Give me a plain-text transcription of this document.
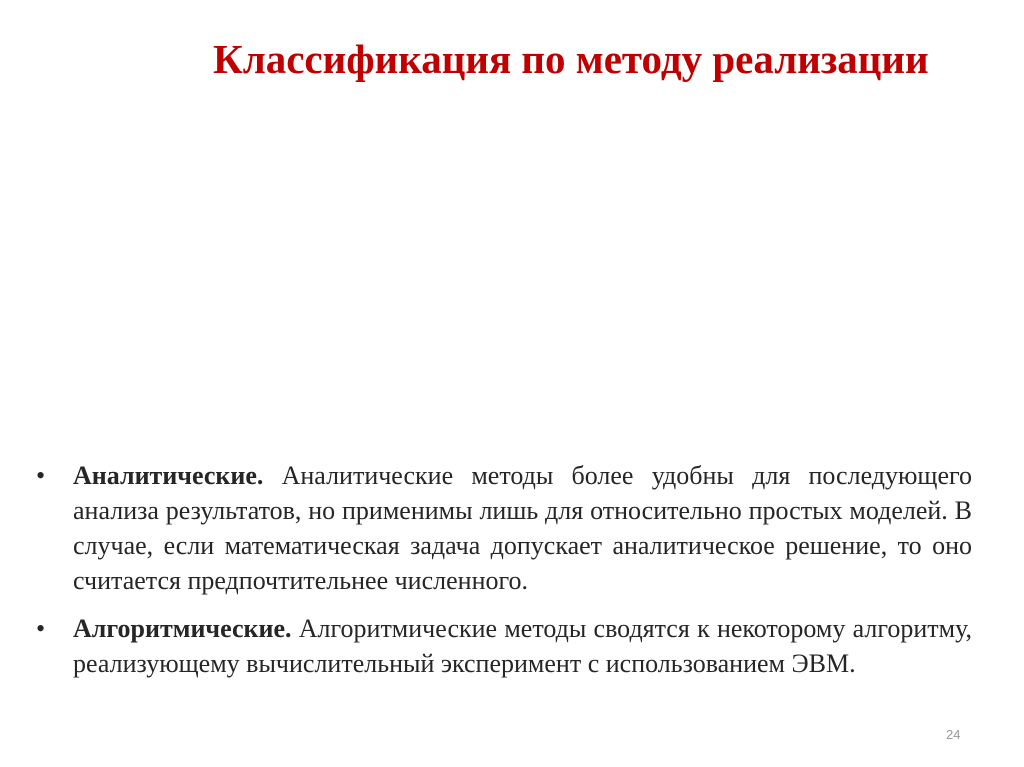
Классификация по методу реализации
•	Аналитические. Аналитические методы более удобны для последующего анализа результатов, но применимы лишь для относительно простых моделей. В случае, если математическая задача допускает аналитическое решение, то оно считается предпочтительнее численного.
•	Алгоритмические. Алгоритмические методы сводятся к некоторому алгоритму, реализующему вычислительный эксперимент с использованием ЭВМ.
24
